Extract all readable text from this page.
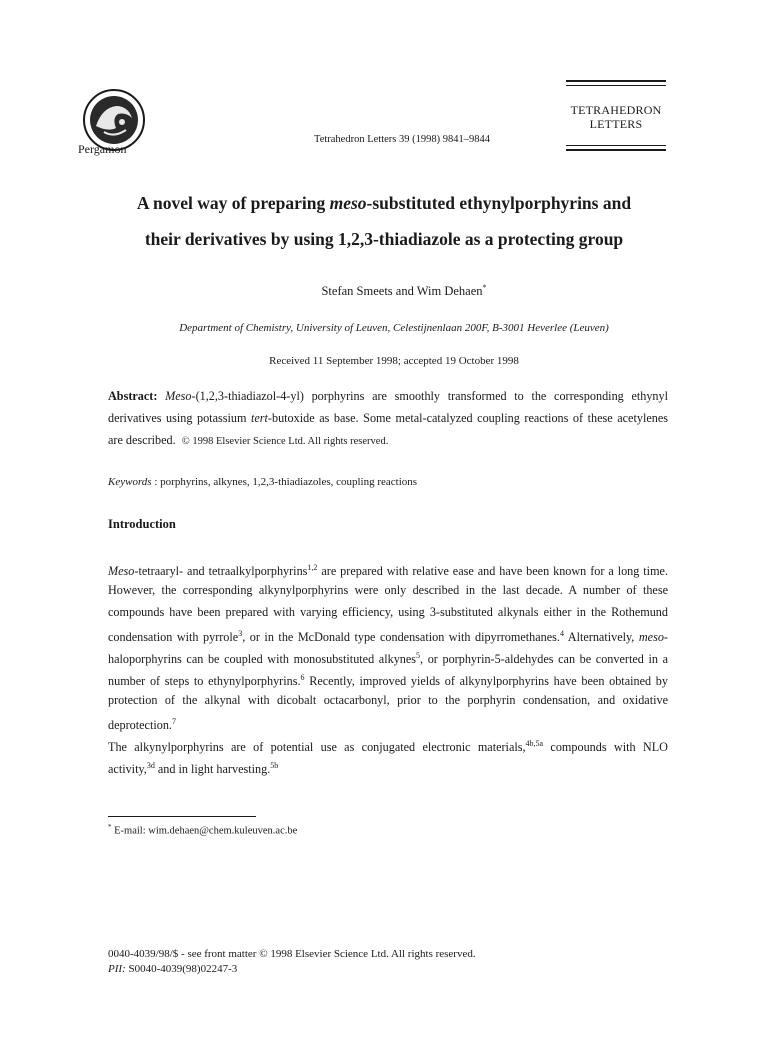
Pergamon
Tetrahedron Letters 39 (1998) 9841–9844
TETRAHEDRON
LETTERS
A novel way of preparing meso-substituted ethynylporphyrins and
their derivatives by using 1,2,3-thiadiazole as a protecting group
Stefan Smeets and Wim Dehaen*
Department of Chemistry, University of Leuven, Celestijnenlaan 200F, B-3001 Heverlee (Leuven)
Received 11 September 1998; accepted 19 October 1998
Abstract: Meso-(1,2,3-thiadiazol-4-yl) porphyrins are smoothly transformed to the corresponding ethynyl
derivatives using potassium tert-butoxide as base. Some metal-catalyzed coupling reactions of these acetylenes
are described. © 1998 Elsevier Science Ltd. All rights reserved.
Keywords : porphyrins, alkynes, 1,2,3-thiadiazoles, coupling reactions
Introduction
Meso-tetraaryl- and tetraalkylporphyrins$^{1,2}$ are prepared with relative ease and have been known for a long time.
However, the corresponding alkynylporphyrins were only described in the last decade. A number of these
compounds have been prepared with varying efficiency, using 3-substituted alkynals either in the Rothemund
condensation with pyrrole$^3$, or in the McDonald type condensation with dipyrromethanes.$^4$ Alternatively, meso-
haloporphyrins can be coupled with monosubstituted alkynes$^5$, or porphyrin-5-aldehydes can be converted in a
number of steps to ethynylporphyrins.$^6$ Recently, improved yields of alkynylporphyrins have been obtained by
protection of the alkynal with dicobalt octacarbonyl, prior to the porphyrin condensation, and oxidative
deprotection.$^7$
The alkynylporphyrins are of potential use as conjugated electronic materials,$^{4b,5a}$ compounds with NLO
activity,$^{3d}$ and in light harvesting.$^{5b}$
* E-mail: wim.dehaen@chem.kuleuven.ac.be
0040-4039/98/$ - see front matter © 1998 Elsevier Science Ltd. All rights reserved.
PII: S0040-4039(98)02247-3
